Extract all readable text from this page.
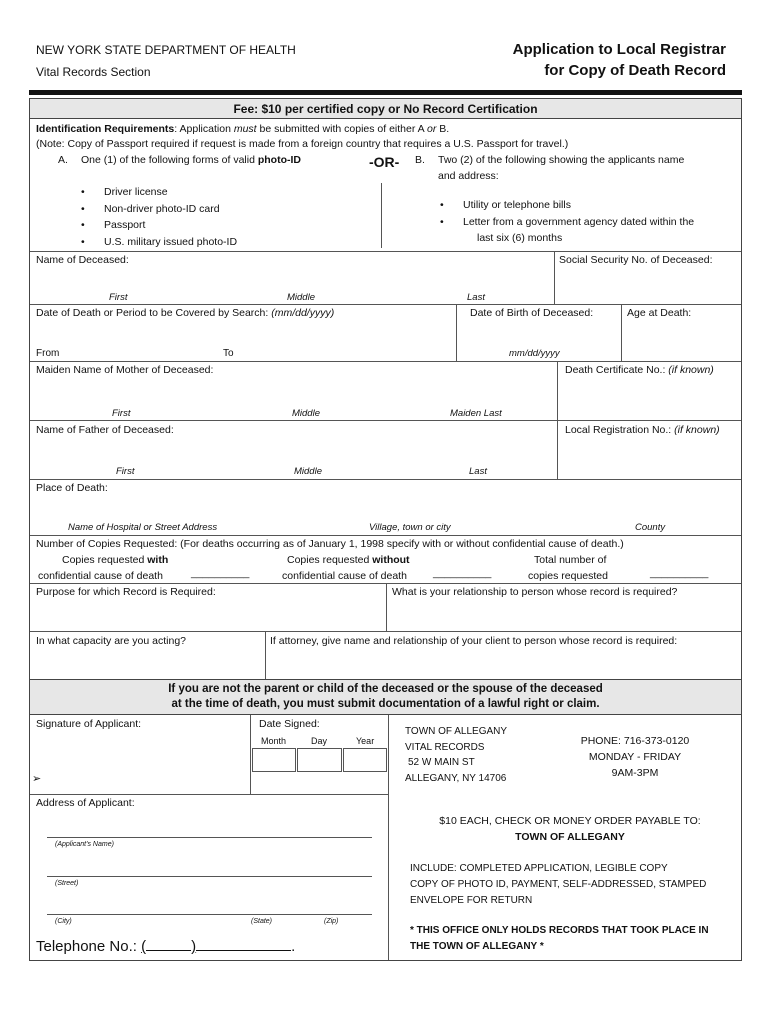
NEW YORK STATE DEPARTMENT OF HEALTH
Vital Records Section
Application to Local Registrar
for Copy of Death Record
Fee: $10 per certified copy or No Record Certification
Identification Requirements: Application must be submitted with copies of either A or B.
(Note: Copy of Passport required if request is made from a foreign country that requires a U.S. Passport for travel.)
A. One (1) of the following forms of valid photo-ID	-OR- B. Two (2) of the following showing the applicants name
and address:
• Driver license
• Non-driver photo-ID card
• Passport
• U.S. military issued photo-ID
• Utility or telephone bills
• Letter from a government agency dated within the
last six (6) months
Name of Deceased:	Social Security No. of Deceased:
First	Middle	Last
Date of Death or Period to be Covered by Search: (mm/dd/yyyy)	Date of Birth of Deceased:	Age at Death:
From	To	mm/dd/yyyy
Maiden Name of Mother of Deceased:	Death Certificate No.: (if known)
First	Middle	Maiden Last
Name of Father of Deceased:	Local Registration No.: (if known)
First	Middle	Last
Place of Death:
Name of Hospital or Street Address	Village, town or city	County
Number of Copies Requested: (For deaths occurring as of January 1, 1998 specify with or without confidential cause of death.)
Copies requested with
confidential cause of death	__________
Copies requested without
confidential cause of death __________
Total number of
copies requested	__________
Purpose for which Record is Required:	What is your relationship to person whose record is required?
In what capacity are you acting?	If attorney, give name and relationship of your client to person whose record is required:
If you are not the parent or child of the deceased or the spouse of the deceased
at the time of death, you must submit documentation of a lawful right or claim.
Signature of Applicant:
➢
Date Signed:
Month	Day	Year
TOWN OF ALLEGANY
VITAL RECORDS
52 W MAIN ST
ALLEGANY, NY 14706
PHONE: 716-373-0120
MONDAY - FRIDAY
9AM-3PM
$10 EACH, CHECK OR MONEY ORDER PAYABLE TO:
TOWN OF ALLEGANY
INCLUDE: COMPLETED APPLICATION, LEGIBLE COPY
COPY OF PHOTO ID, PAYMENT, SELF-ADDRESSED, STAMPED
ENVELOPE FOR RETURN
* THIS OFFICE ONLY HOLDS RECORDS THAT TOOK PLACE IN
THE TOWN OF ALLEGANY *
Address of Applicant:
(Applicant's Name)
(Street)
(City)	(State)	(Zip)
Telephone No.: (	)	.
